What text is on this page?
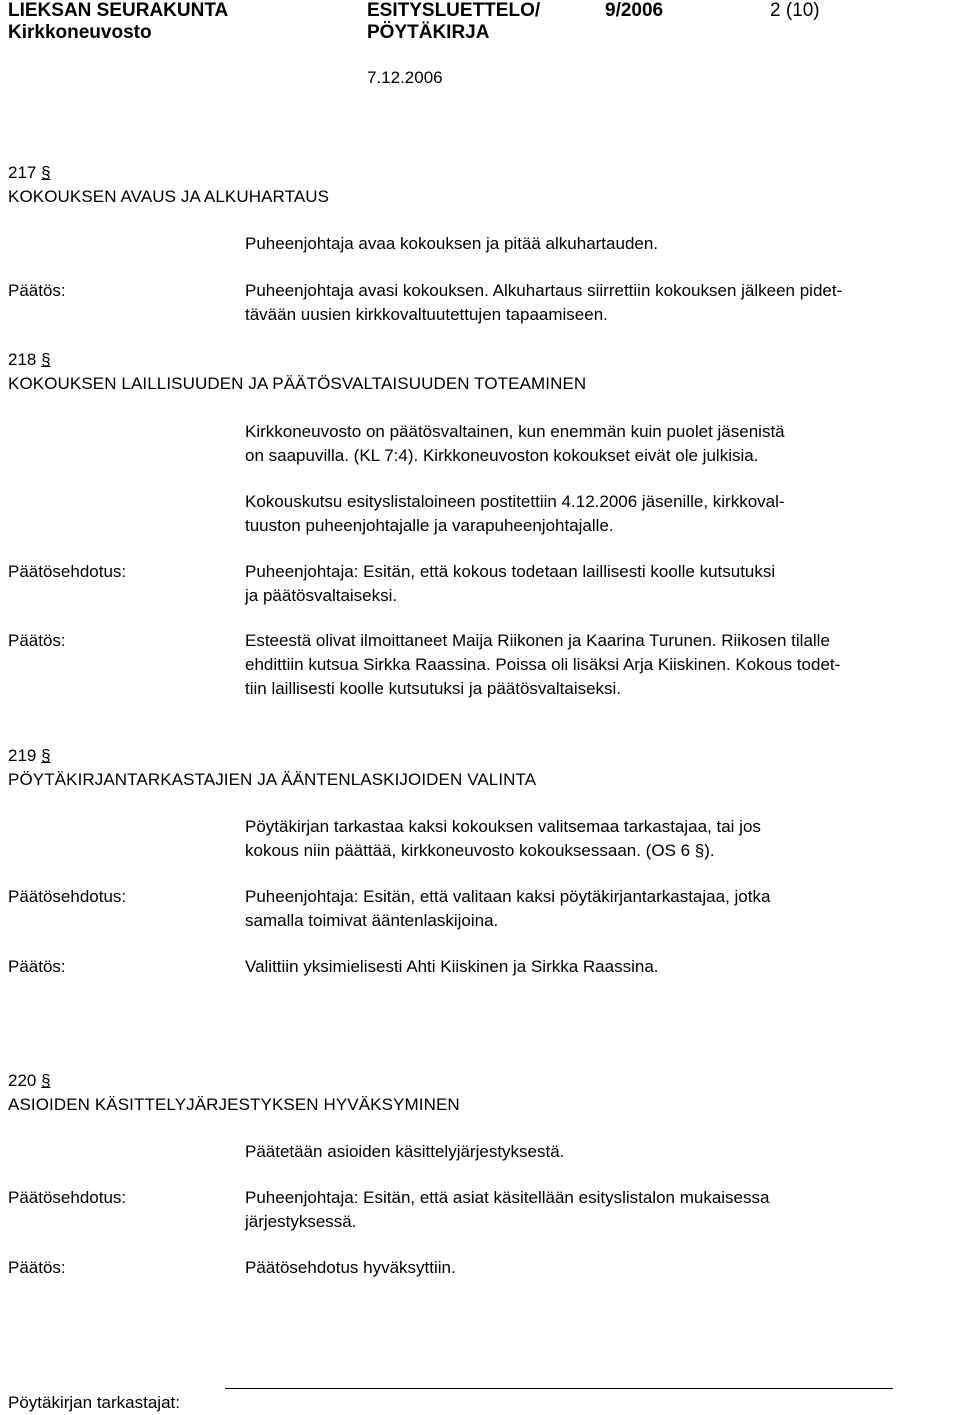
LIEKSAN SEURAKUNTA
Kirkkoneuvosto
ESITYSLUETTELO/
PÖYTÄKIRJA
9/2006	2 (10)
7.12.2006
217 §
KOKOUKSEN AVAUS JA ALKUHARTAUS
Puheenjohtaja avaa kokouksen ja pitää alkuhartauden.
Päätös:	Puheenjohtaja avasi kokouksen. Alkuhartaus siirrettiin kokouksen jälkeen pidet-
tävään uusien kirkkovaltuutettujen tapaamiseen.
218 §
KOKOUKSEN LAILLISUUDEN JA PÄÄTÖSVALTAISUUDEN TOTEAMINEN
Kirkkoneuvosto on päätösvaltainen, kun enemmän kuin puolet jäsenistä
on saapuvilla. (KL 7:4). Kirkkoneuvoston kokoukset eivät ole julkisia.
Kokouskutsu esityslistaloineen postitettiin 4.12.2006 jäsenille, kirkkoval-
tuuston puheenjohtajalle ja varapuheenjohtajalle.
Päätösehdotus:	Puheenjohtaja: Esitän, että kokous todetaan laillisesti koolle kutsutuksi
ja päätösvaltaiseksi.
Päätös:	Esteestä olivat ilmoittaneet Maija Riikonen ja Kaarina Turunen. Riikosen tilalle
ehdittiin kutsua Sirkka Raassina. Poissa oli lisäksi Arja Kiiskinen. Kokous todet-
tiin laillisesti koolle kutsutuksi ja päätösvaltaiseksi.
219 §
PÖYTÄKIRJANTARKASTAJIEN JA ÄÄNTENLASKIJOIDEN VALINTA
Pöytäkirjan tarkastaa kaksi kokouksen valitsemaa tarkastajaa, tai jos
kokous niin päättää, kirkkoneuvosto kokouksessaan. (OS 6 §).
Päätösehdotus:	Puheenjohtaja: Esitän, että valitaan kaksi pöytäkirjantarkastajaa, jotka
samalla toimivat ääntenlaskijoina.
Päätös:	Valittiin yksimielisesti Ahti Kiiskinen ja Sirkka Raassina.
220 §
ASIOIDEN KÄSITTELYJÄRJESTYKSEN HYVÄKSYMINEN
Päätetään asioiden käsittelyjärjestyksestä.
Päätösehdotus:	Puheenjohtaja: Esitän, että asiat käsitellään esityslistalon mukaisessa
järjestyksessä.
Päätös:	Päätösehdotus hyväksyttiin.
Pöytäkirjan tarkastajat:
